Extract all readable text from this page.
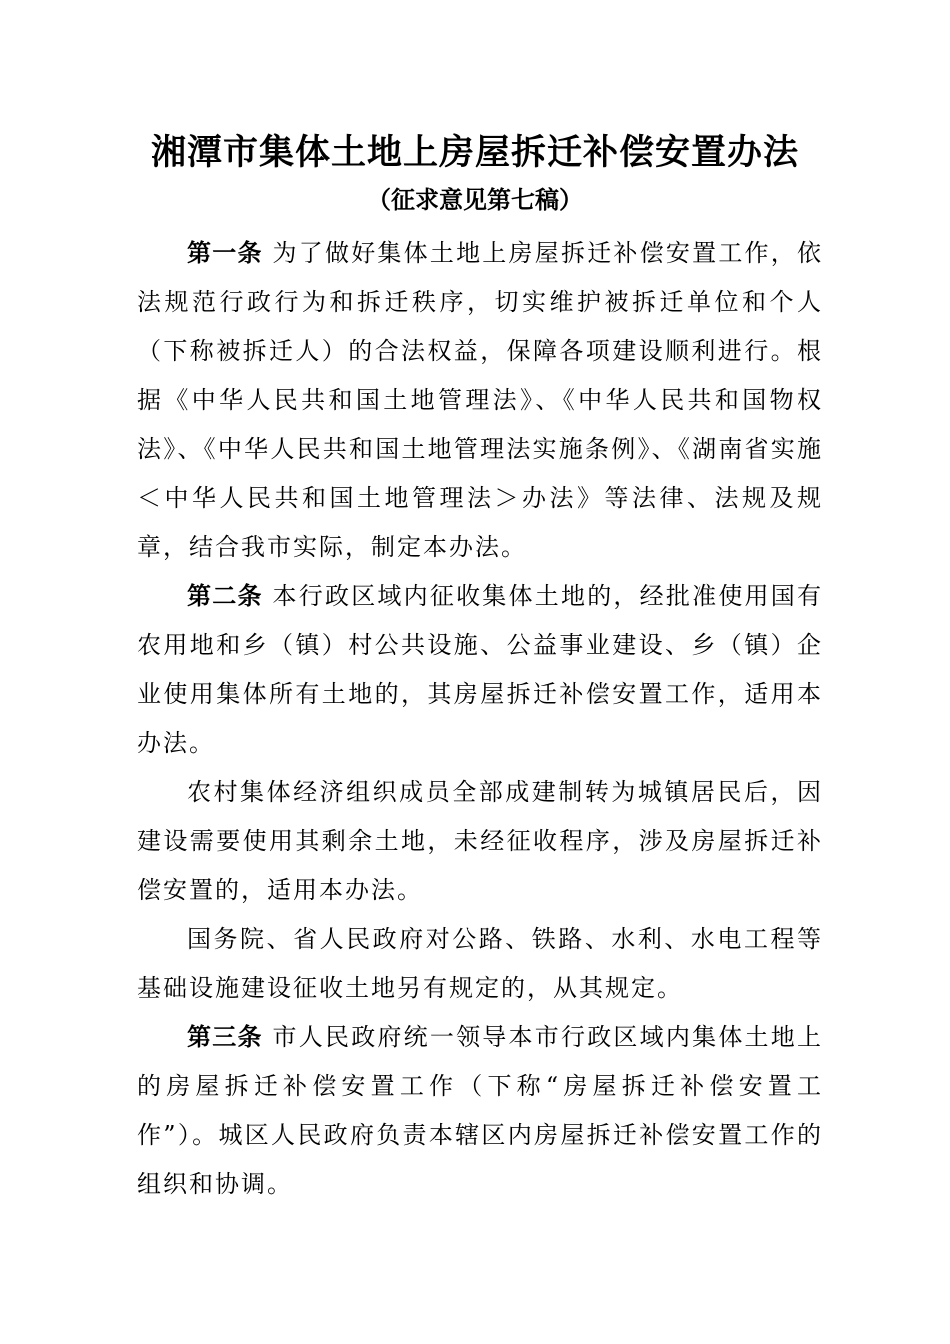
湘潭市集体土地上房屋拆迁补偿安置办法
（征求意见第七稿）

第一条 为了做好集体土地上房屋拆迁补偿安置工作，依法规范行政行为和拆迁秩序，切实维护被拆迁单位和个人（下称被拆迁人）的合法权益，保障各项建设顺利进行。根据《中华人民共和国土地管理法》、《中华人民共和国物权法》、《中华人民共和国土地管理法实施条例》、《湖南省实施＜中华人民共和国土地管理法＞办法》等法律、法规及规章，结合我市实际，制定本办法。

第二条 本行政区域内征收集体土地的，经批准使用国有农用地和乡（镇）村公共设施、公益事业建设、乡（镇）企业使用集体所有土地的，其房屋拆迁补偿安置工作，适用本办法。

农村集体经济组织成员全部成建制转为城镇居民后，因建设需要使用其剩余土地，未经征收程序，涉及房屋拆迁补偿安置的，适用本办法。

国务院、省人民政府对公路、铁路、水利、水电工程等基础设施建设征收土地另有规定的，从其规定。

第三条 市人民政府统一领导本市行政区域内集体土地上的房屋拆迁补偿安置工作（下称“房屋拆迁补偿安置工作”）。城区人民政府负责本辖区内房屋拆迁补偿安置工作的组织和协调。
